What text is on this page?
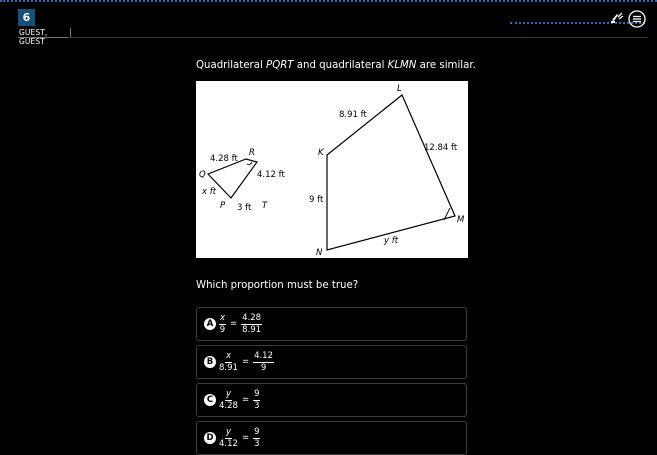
6
GUEST, GUEST
Quadrilateral PQRT and quadrilateral KLMN are similar.
Q
R
T
P
4.28 ft
4.12 ft
3 ft
x ft
K
L
M
N
8.91 ft
12.84 ft
y ft
9 ft
Which proportion must be true?
A $\frac{x}{9} = \frac{4.28}{8.91}$
B $\frac{x}{8.91} = \frac{4.12}{9}$
C $\frac{y}{4.28} = \frac{9}{3}$
D $\frac{y}{4.12} = \frac{9}{3}$
